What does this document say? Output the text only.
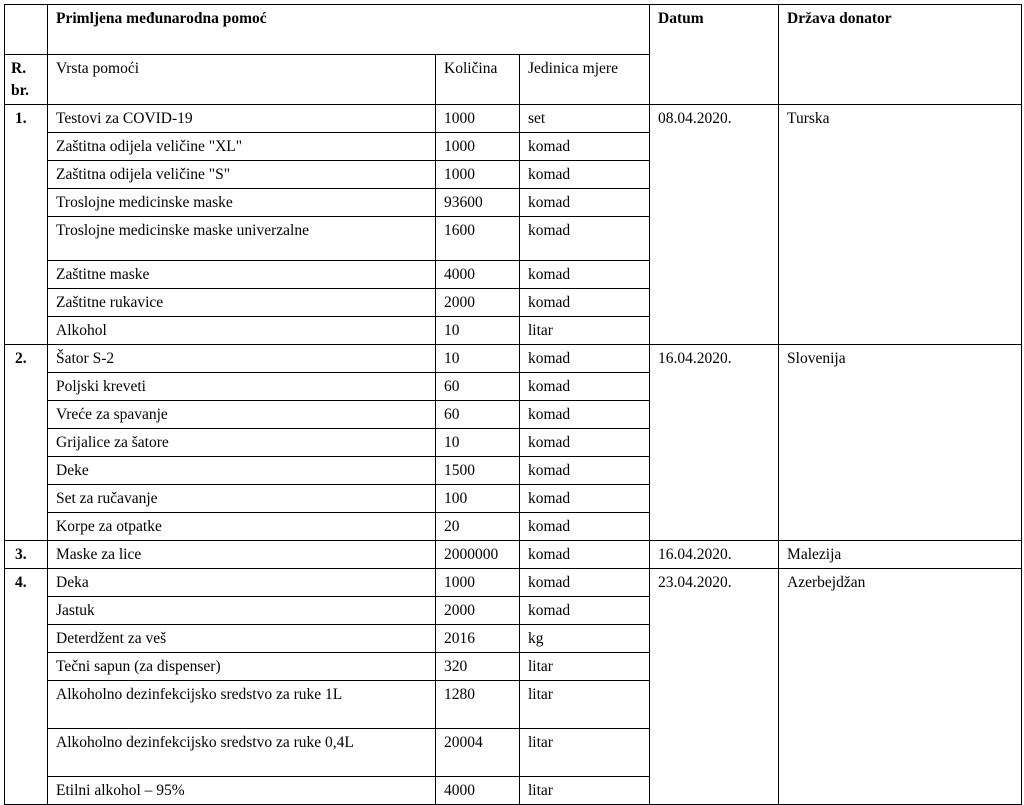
	Primljena međunarodna pomoć			Datum	Država donator
R. br.	Vrsta pomoći	Količina	Jedinica mjere		
1.	Testovi za COVID-19	1000	set	08.04.2020.	Turska
	Zaštitna odijela veličine "XL"	1000	komad		
	Zaštitna odijela veličine "S"	1000	komad		
	Troslojne medicinske maske	93600	komad		
	Troslojne medicinske maske univerzalne	1600	komad		
	Zaštitne maske	4000	komad		
	Zaštitne rukavice	2000	komad		
	Alkohol	10	litar		
2.	Šator S-2	10	komad	16.04.2020.	Slovenija
	Poljski kreveti	60	komad		
	Vreće za spavanje	60	komad		
	Grijalice za šatore	10	komad		
	Deke	1500	komad		
	Set za ručavanje	100	komad		
	Korpe za otpatke	20	komad		
3.	Maske za lice	2000000	komad	16.04.2020.	Malezija
4.	Deka	1000	komad	23.04.2020.	Azerbejdžan
	Jastuk	2000	komad		
	Deterdžent za veš	2016	kg		
	Tečni sapun (za dispenser)	320	litar		
	Alkoholno dezinfekcijsko sredstvo za ruke 1L	1280	litar		
	Alkoholno dezinfekcijsko sredstvo za ruke 0,4L	20004	litar		
	Etilni alkohol – 95%	4000	litar		
